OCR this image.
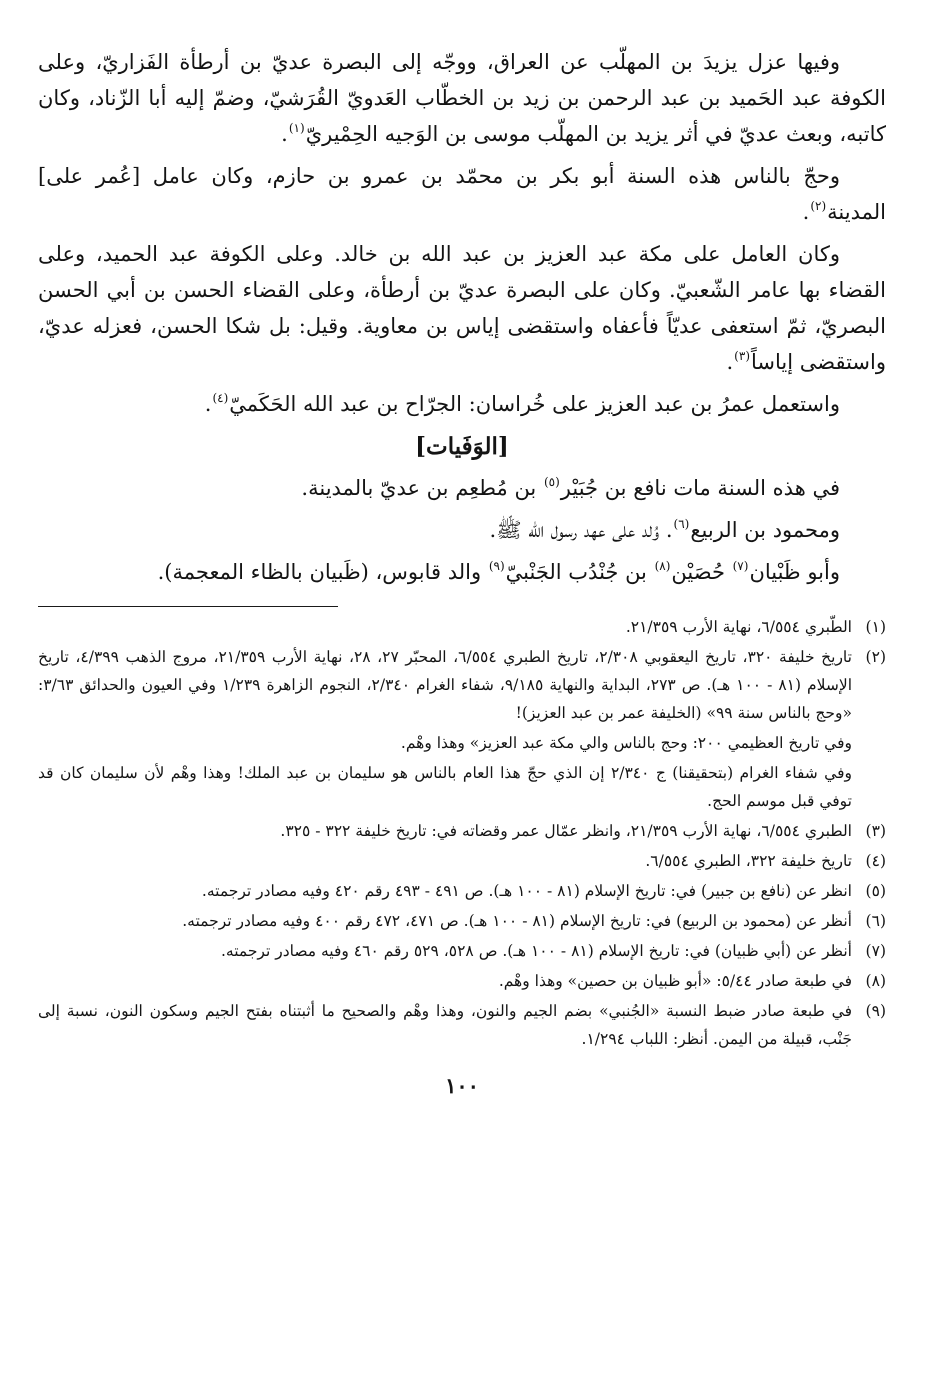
وفيها عزل يزيدَ بن المهلّب عن العراق، ووجّه إلى البصرة عديّ بن أرطأة الفَزاريّ، وعلى الكوفة عبد الحَميد بن عبد الرحمن بن زيد بن الخطّاب العَدويّ القُرَشيّ، وضمّ إليه أبا الزّناد، وكان كاتبه، وبعث عديّ في أثر يزيد بن المهلّب موسى بن الوَجيه الحِمْيريّ$^{(١)}$.

وحجّ بالناس هذه السنة أبو بكر بن محمّد بن عمرو بن حازم، وكان عامل [عُمر على] المدينة$^{(٢)}$.

وكان العامل على مكة عبد العزيز بن عبد الله بن خالد. وعلى الكوفة عبد الحميد، وعلى القضاء بها عامر الشّعبيّ. وكان على البصرة عديّ بن أرطأة، وعلى القضاء الحسن بن أبي الحسن البصريّ، ثمّ استعفى عديّاً فأعفاه واستقضى إياس بن معاوية. وقيل: بل شكا الحسن، فعزله عديّ، واستقضى إياساً$^{(٣)}$.

واستعمل عمرُ بن عبد العزيز على خُراسان: الجرّاح بن عبد الله الحَكَميّ$^{(٤)}$.

[الوَفَيات]

في هذه السنة مات نافع بن جُبَيْر$^{(٥)}$ بن مُطعِم بن عديّ بالمدينة.

ومحمود بن الربيع$^{(٦)}$. وُلد على عهد رسول الله ﷺ.

وأبو ظَبْيان$^{(٧)}$ حُصَيْن$^{(٨)}$ بن جُنْدُب الجَنْبيّ$^{(٩)}$ والد قابوس، (ظَبيان بالظاء المعجمة).

(١)
الطّبري ٦/٥٥٤، نهاية الأرب ٢١/٣٥٩.
(٢)
تاريخ خليفة ٣٢٠، تاريخ اليعقوبي ٢/٣٠٨، تاريخ الطبري ٦/٥٥٤، المحبّر ٢٧، ٢٨، نهاية الأرب ٢١/٣٥٩، مروج الذهب ٤/٣٩٩، تاريخ الإسلام (٨١ - ١٠٠ هـ). ص ٢٧٣، البداية والنهاية ٩/١٨٥، شفاء الغرام ٢/٣٤٠، النجوم الزاهرة ١/٢٣٩ وفي العيون والحدائق ٣/٦٣: «وحج بالناس سنة ٩٩» (الخليفة عمر بن عبد العزيز)!
وفي تاريخ العظيمي ٢٠٠: وحج بالناس والي مكة عبد العزيز» وهذا وهْم.
وفي شفاء الغرام (بتحقيقنا) ج ٢/٣٤٠ إن الذي حجّ هذا العام بالناس هو سليمان بن عبد الملك! وهذا وهْم لأن سليمان كان قد توفي قبل موسم الحج.
(٣)
الطبري ٦/٥٥٤، نهاية الأرب ٢١/٣٥٩، وانظر عمّال عمر وقضاته في: تاريخ خليفة ٣٢٢ - ٣٢٥.
(٤)
تاريخ خليفة ٣٢٢، الطبري ٦/٥٥٤.
(٥)
انظر عن (نافع بن جبير) في: تاريخ الإسلام (٨١ - ١٠٠ هـ). ص ٤٩١ - ٤٩٣ رقم ٤٢٠ وفيه مصادر ترجمته.
(٦)
أنظر عن (محمود بن الربيع) في: تاريخ الإسلام (٨١ - ١٠٠ هـ). ص ٤٧١، ٤٧٢ رقم ٤٠٠ وفيه مصادر ترجمته.
(٧)
أنظر عن (أبي ظبيان) في: تاريخ الإسلام (٨١ - ١٠٠ هـ). ص ٥٢٨، ٥٢٩ رقم ٤٦٠ وفيه مصادر ترجمته.
(٨)
في طبعة صادر ٥/٤٤: «أبو ظبيان بن حصين» وهذا وهْم.
(٩)
في طبعة صادر ضبط النسبة «الجُنبي» بضم الجيم والنون، وهذا وهْم والصحيح ما أثبتناه بفتح الجيم وسكون النون، نسبة إلى جَنْب، قبيلة من اليمن. أنظر: اللباب ١/٢٩٤.
١٠٠
